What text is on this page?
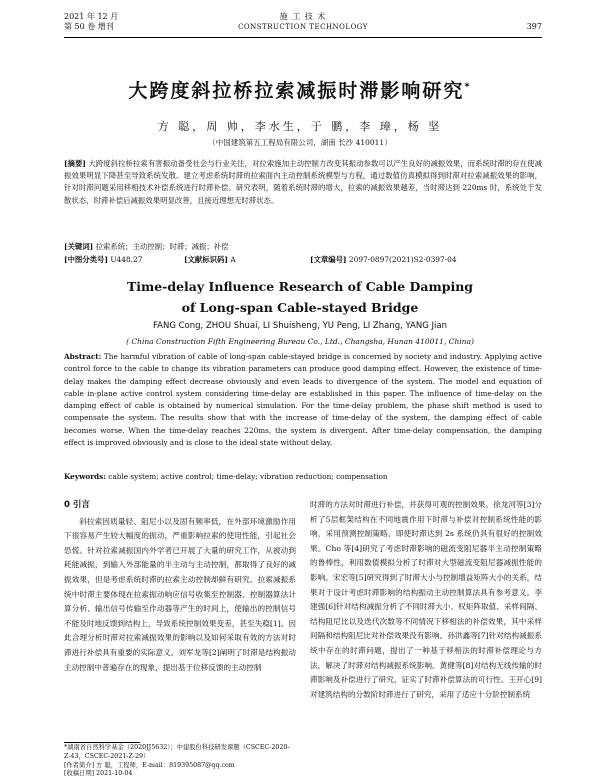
2021 年 12 月
第 50 卷 增刊
施 工 技 术
CONSTRUCTION TECHNOLOGY	397
大跨度斜拉桥拉索减振时滞影响研究*
方 聪，周 帅，李水生，于 鹏，李 璋，杨 坚
（中国建筑第五工程局有限公司，湖南 长沙 410011）
[摘要] 大跨度斜拉桥拉索有害振动备受社会与行业关注，对拉索施加主动控制力改变其振动参数可以产生良好的减振效果，而系统时滞的存在使减振效果明显下降甚至导致系统发散。建立考虑系统时滞的拉索面内主动控制系统模型与方程，通过数值仿真模拟得到时滞对拉索减振效果的影响，针对时滞问题采用移相技术补偿系统进行时滞补偿。研究表明，随着系统时滞的增大，拉索的减振效果越差，当时滞达到 220ms 时，系统处于发散状态，时滞补偿后减振效果明显改善，且接近理想无时滞状态。
[关键词] 拉索系统；主动控制；时滞；减振；补偿
[中图分类号] U448.27	[文献标识码] A	[文章编号] 2097-0897(2021)S2-0397-04
Time-delay Influence Research of Cable Damping
of Long-span Cable-stayed Bridge
FANG Cong, ZHOU Shuai, LI Shuisheng, YU Peng, LI Zhang, YANG Jian
( China Construction Fifth Engineering Bureau Co., Ltd., Changsha, Hunan 410011, China)
Abstract: The harmful vibration of cable of long-span cable-stayed bridge is concerned by society and industry. Applying active control force to the cable to change its vibration parameters can produce good damping effect. However, the existence of time-delay makes the damping effect decrease obviously and even leads to divergence of the system. The model and equation of cable in-plane active control system considering time-delay are established in this paper. The influence of time-delay on the damping effect of cable is obtained by numerical simulation. For the time-delay problem, the phase shift method is used to compensate the system. The results show that with the increase of time-delay of the system, the damping effect of cable becomes worse. When the time-delay reaches 220ms, the system is divergent. After time-delay compensation, the damping effect is improved obviously and is close to the ideal state without delay.
Keywords: cable system; active control; time-delay; vibration reduction; compensation
0 引言

斜拉索因质量轻、阻尼小以及固有频率低，在外部环境激励作用下很容易产生较大幅度的振动，严重影响拉索的使用性能，引起社会恐慌。针对拉索减振国内外学者已开展了大量的研究工作，从被动到耗能减振，到输入外部能量的半主动与主动控制，都取得了良好的减振效果，但是考虑系统时滞的拉索主动控制却鲜有研究。拉索减振系统中时滞主要体现在拉索振动响应信号收集至控制器、控制器算法计算分析、输出信号传输至作动器等产生的时间上，使输出的控制信号不能及时地反馈到结构上，导致系统控制效果变差，甚至失稳[1]。因此合理分析时滞对拉索减振效果的影响以及如何采取有效的方法对时滞进行补偿具有重要的实际意义。刘军龙等[2]阐明了时滞是结构振动主动控制中普遍存在的现象，提出基于位移反馈的主动控制

时滞的方法对时滞进行补偿，并获得可观的控制效果。徐龙河等[3]分析了5层框架结构在不同地震作用下时滞与补偿对控制系统性能的影响，采用预测控制策略，即使时滞达到 2s 系统仍具有很好的控制效果。Cho 等[4]研究了考虑时滞影响的磁流变阻尼器半主动控制策略的鲁棒性，利用数值模拟分析了时滞对大型磁流变阻尼器减振性能的影响。宋宏等[5]研究得到了时滞大小与控制增益矩阵大小的关系，结果对于设计考虑时滞影响的结构振动主动控制算法具有参考意义。李建强[6]针对结构减振分析了不同时滞大小、权矩阵取值、采样间隔、结构阻尼比以及迭代次数等不同情况下移相法的补偿效果，其中采样间隔和结构阻尼比对补偿效果没有影响。孙洪鑫等[7]针对结构减振系统中存在的时滞问题，提出了一种基于移相法的时滞补偿理论与方法，解决了时滞对结构减振系统影响。黄健等[8]对结构无线传输的时滞影响及补偿进行了研究，证实了时滞补偿算法的可行性。王开心[9]对建筑结构的分数阶时滞进行了研究，采用了适应十分阶控制系统

*湖南省自然科学基金（2020JJ5632）；中建股份科技研发课题（CSCEC-2020-Z-43，CSCEC-2021-Z-29）
[作者简介] 方 聪，工程师，E-mail：819395087@qq.com
[收稿日期] 2021-10-04
